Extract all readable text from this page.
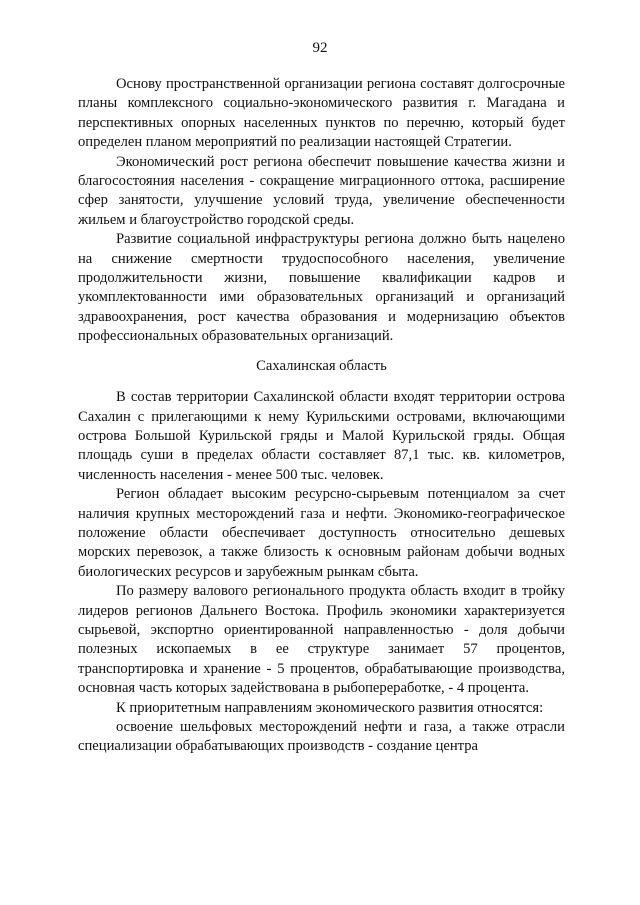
92

Основу пространственной организации региона составят долгосрочные планы комплексного социально-экономического развития г. Магадана и перспективных опорных населенных пунктов по перечню, который будет определен планом мероприятий по реализации настоящей Стратегии.

Экономический рост региона обеспечит повышение качества жизни и благосостояния населения - сокращение миграционного оттока, расширение сфер занятости, улучшение условий труда, увеличение обеспеченности жильем и благоустройство городской среды.

Развитие социальной инфраструктуры региона должно быть нацелено на снижение смертности трудоспособного населения, увеличение продолжительности жизни, повышение квалификации кадров и укомплектованности ими образовательных организаций и организаций здравоохранения, рост качества образования и модернизацию объектов профессиональных образовательных организаций.

Сахалинская область

В состав территории Сахалинской области входят территории острова Сахалин с прилегающими к нему Курильскими островами, включающими острова Большой Курильской гряды и Малой Курильской гряды. Общая площадь суши в пределах области составляет 87,1 тыс. кв. километров, численность населения - менее 500 тыс. человек.

Регион обладает высоким ресурсно-сырьевым потенциалом за счет наличия крупных месторождений газа и нефти. Экономико-географическое положение области обеспечивает доступность относительно дешевых морских перевозок, а также близость к основным районам добычи водных биологических ресурсов и зарубежным рынкам сбыта.

По размеру валового регионального продукта область входит в тройку лидеров регионов Дальнего Востока. Профиль экономики характеризуется сырьевой, экспортно ориентированной направленностью - доля добычи полезных ископаемых в ее структуре занимает 57 процентов, транспортировка и хранение - 5 процентов, обрабатывающие производства, основная часть которых задействована в рыбопереработке, - 4 процента.

К приоритетным направлениям экономического развития относятся:

освоение шельфовых месторождений нефти и газа, а также отрасли специализации обрабатывающих производств - создание центра
